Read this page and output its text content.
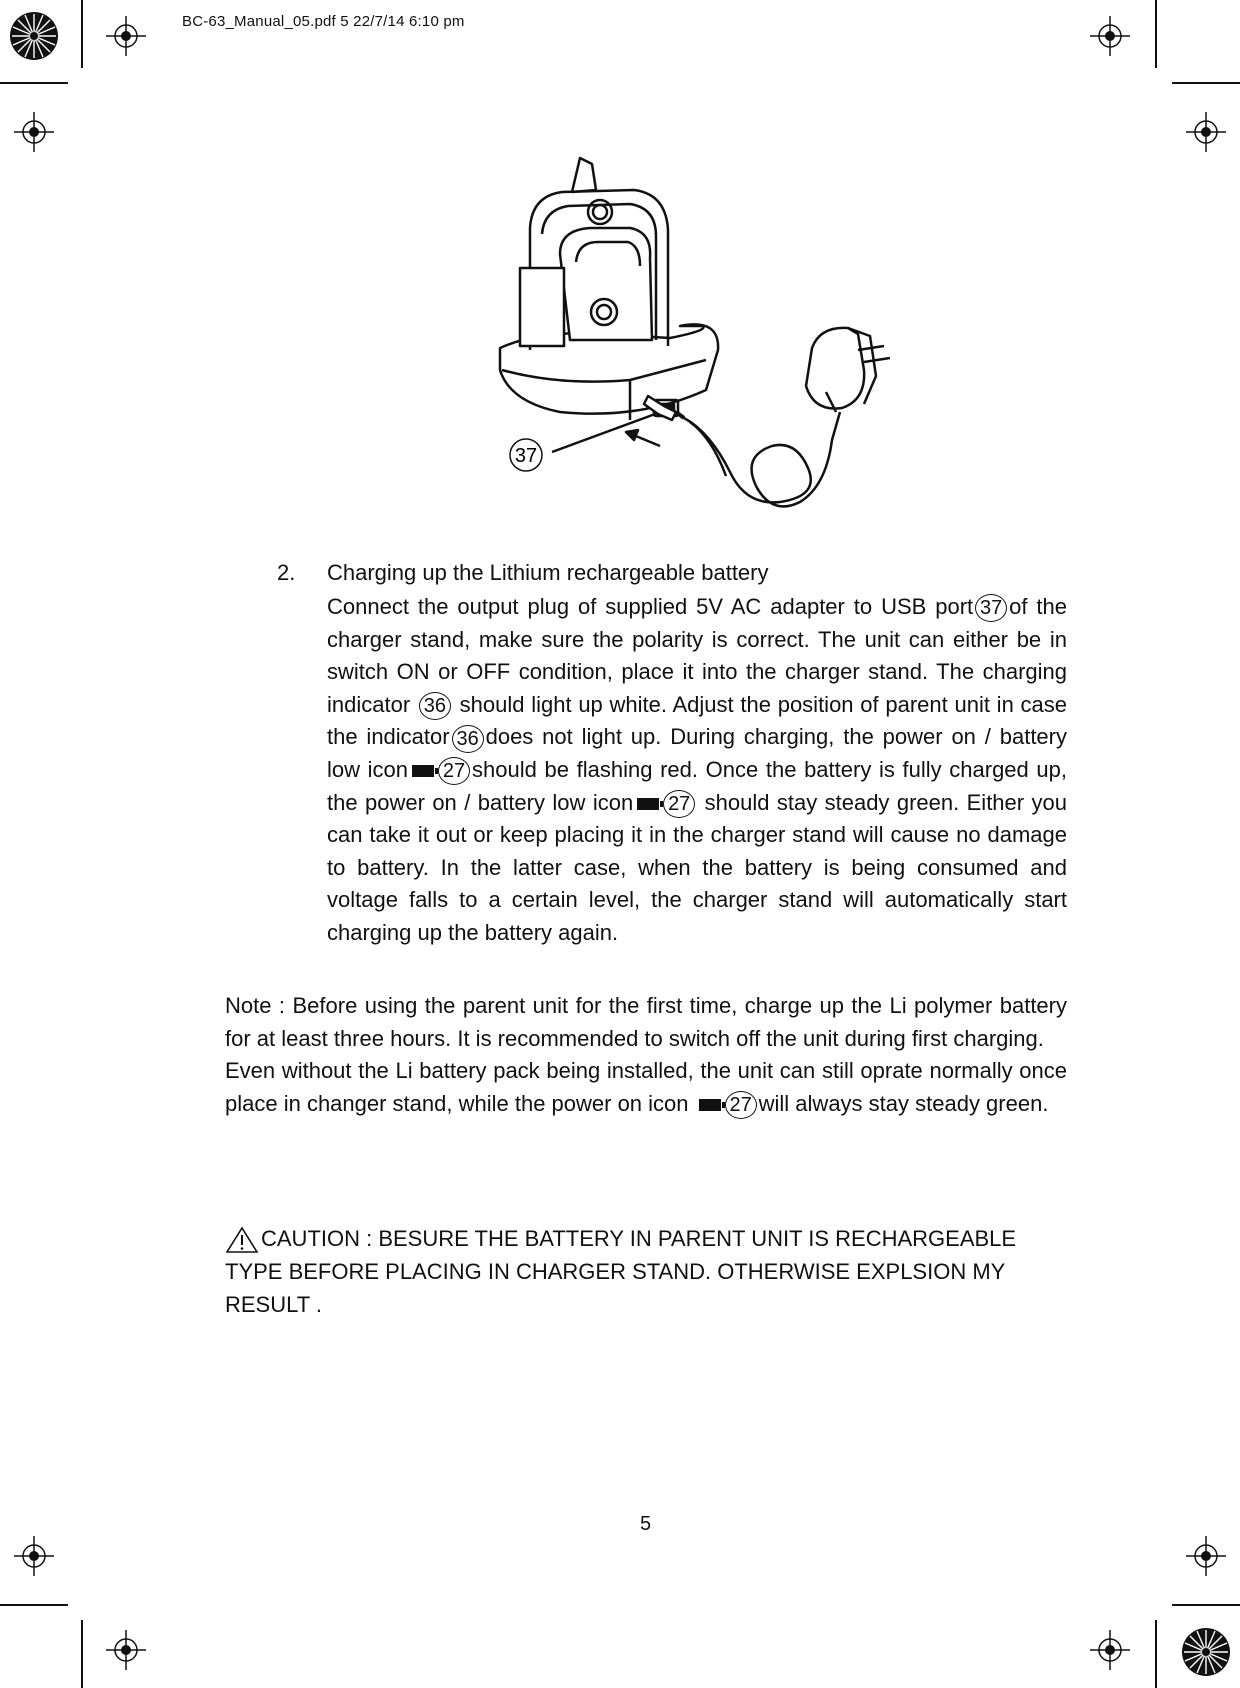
BC-63_Manual_05.pdf 5 22/7/14 6:10 pm
37
2. Charging up the Lithium rechargeable battery
Connect the output plug of supplied 5V AC adapter to USB port 37 of the charger stand, make sure the polarity is correct. The unit can either be in switch ON or OFF condition, place it into the charger stand. The charging indicator 36 should light up white. Adjust the position of parent unit in case the indicator 36 does not light up. During charging, the power on / battery low icon 27 should be flashing red. Once the battery is fully charged up, the power on / battery low icon 27 should stay steady green. Either you can take it out or keep placing it in the charger stand will cause no damage to battery. In the latter case, when the battery is being consumed and voltage falls to a certain level, the charger stand will automatically start charging up the battery again.
Note : Before using the parent unit for the first time, charge up the Li polymer battery for at least three hours. It is recommended to switch off the unit during first charging.
Even without the Li battery pack being installed, the unit can still oprate normally once place in changer stand, while the power on icon 27 will always stay steady green.
CAUTION : BESURE THE BATTERY IN PARENT UNIT IS RECHARGEABLE TYPE BEFORE PLACING IN CHARGER STAND. OTHERWISE EXPLSION MY RESULT .
5
